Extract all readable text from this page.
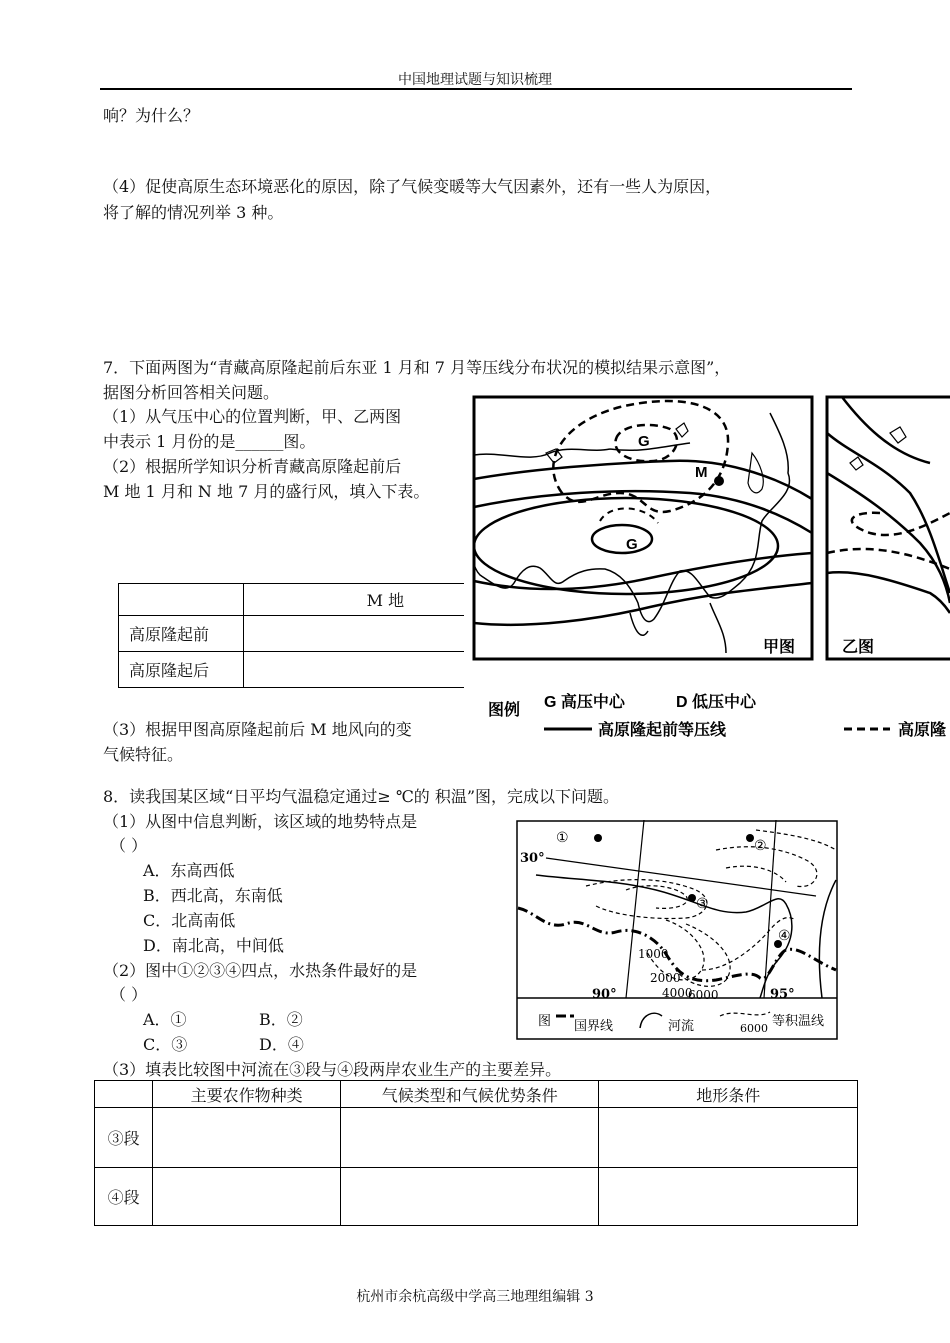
中国地理试题与知识梳理
杭州市余杭高级中学高三地理组编辑 3
响？为什么？
（4）促使高原生态环境恶化的原因，除了气候变暖等大气因素外，还有一些人为原因，
将了解的情况列举 3 种。
7．下面两图为“青藏高原隆起前后东亚 1 月和 7 月等压线分布状况的模拟结果示意图”，
据图分析回答相关问题。
（1）从气压中心的位置判断，甲、乙两图
中表示 1 月份的是______图。
（2）根据所学知识分析青藏高原隆起前后
M 地 1 月和 N 地 7 月的盛行风，填入下表。
	M 地
高原隆起前	
高原隆起后	
（3）根据甲图高原隆起前后 M 地风向的变
气候特征。
G
G
M
甲图	乙图
图例 G 高压中心	D 低压中心
高原隆起前等压线	高原隆
8．读我国某区域“日平均气温稳定通过≥ ℃的 积温”图，完成以下问题。
（1）从图中信息判断，该区域的地势特点是
（ ）
A．东高西低
B．西北高，东南低
C．北高南低
D．南北高，中间低
（2）图中①②③④四点，水热条件最好的是
（ ）
A．①	B．②
C．③	D．④
（3）填表比较图中河流在③段与④段两岸农业生产的主要差异。
①	②
③
④
30°
90°	95°
1000
2000
4000
6000
图 国界线	河流	6000 等积温线
	主要农作物种类	气候类型和气候优势条件	地形条件
③段			
④段			
